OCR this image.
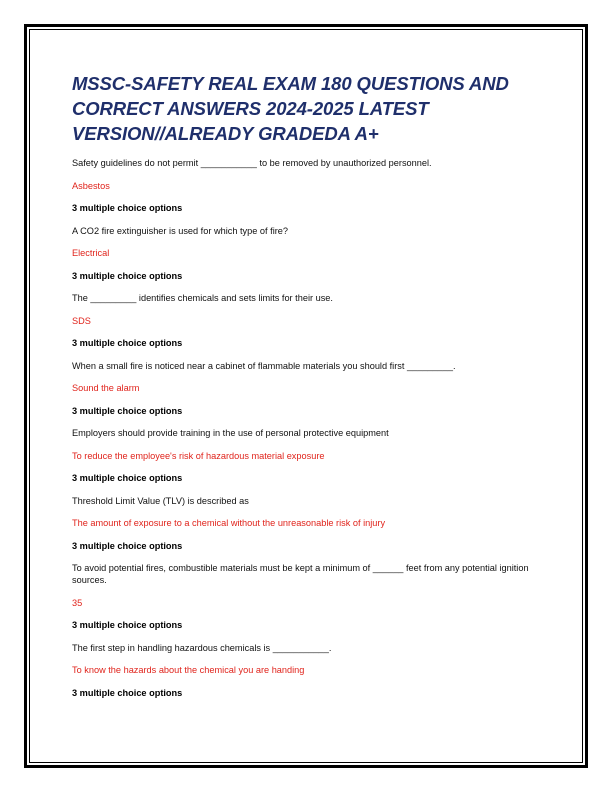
MSSC-SAFETY REAL EXAM 180 QUESTIONS AND
CORRECT ANSWERS 2024-2025 LATEST
VERSION//ALREADY GRADEDA A+
Safety guidelines do not permit ___________ to be removed by unauthorized personnel.
Asbestos
3 multiple choice options
A CO2 fire extinguisher is used for which type of fire?
Electrical
3 multiple choice options
The _________ identifies chemicals and sets limits for their use.
SDS
3 multiple choice options
When a small fire is noticed near a cabinet of flammable materials you should first _________.
Sound the alarm
3 multiple choice options
Employers should provide training in the use of personal protective equipment
To reduce the employee's risk of hazardous material exposure
3 multiple choice options
Threshold Limit Value (TLV) is described as
The amount of exposure to a chemical without the unreasonable risk of injury
3 multiple choice options
To avoid potential fires, combustible materials must be kept a minimum of ______ feet from any potential ignition sources.
35
3 multiple choice options
The first step in handling hazardous chemicals is ___________.
To know the hazards about the chemical you are handing
3 multiple choice options
